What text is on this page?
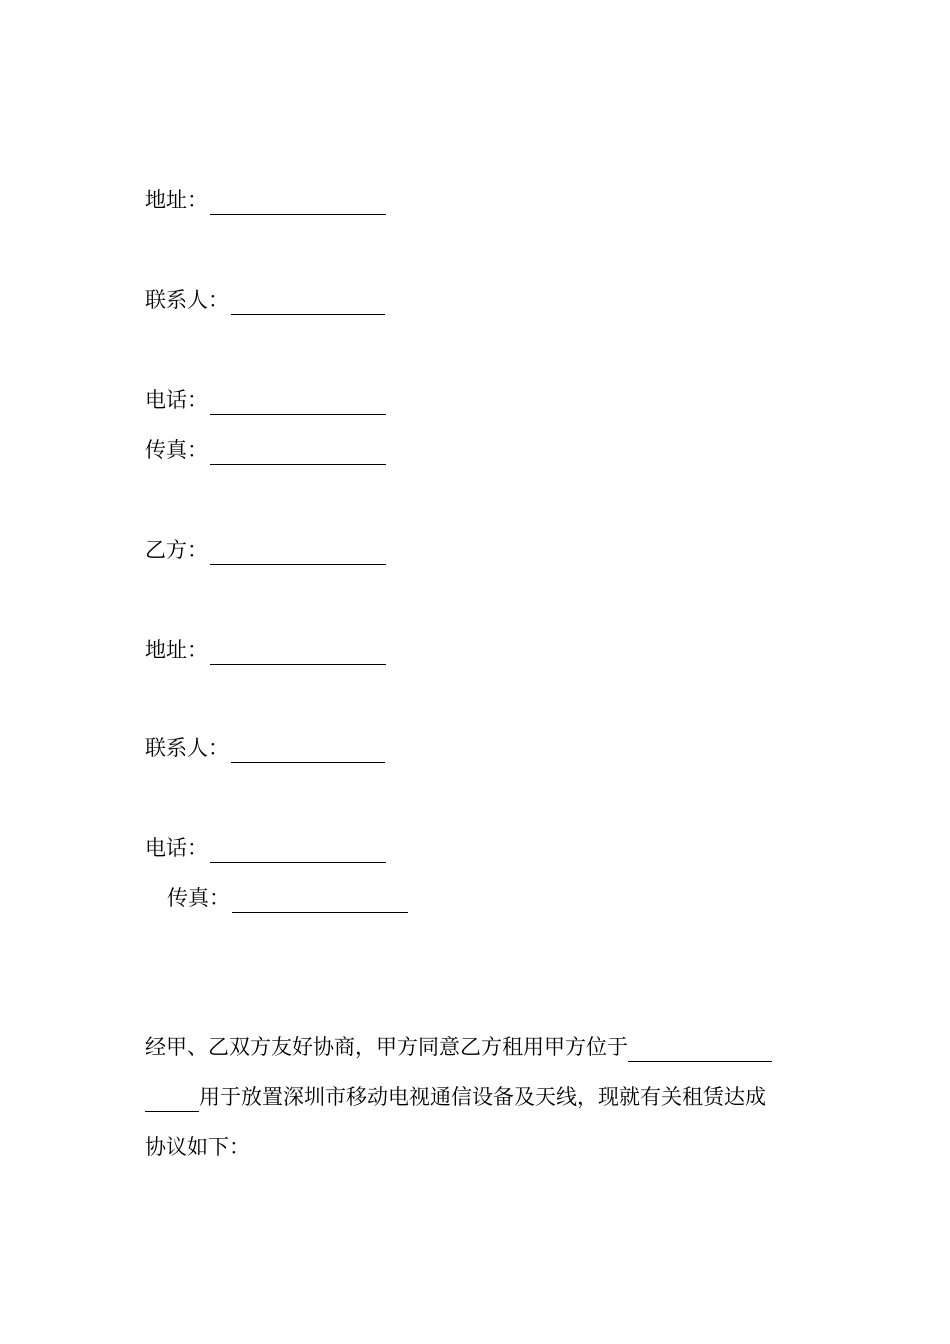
地址：
联系人：
电话：
传真：
乙方：
地址：
联系人：
电话：
传真：
经甲、乙双方友好协商，甲方同意乙方租用甲方位于
用于放置深圳市移动电视通信设备及天线，现就有关租赁达成
协议如下：
